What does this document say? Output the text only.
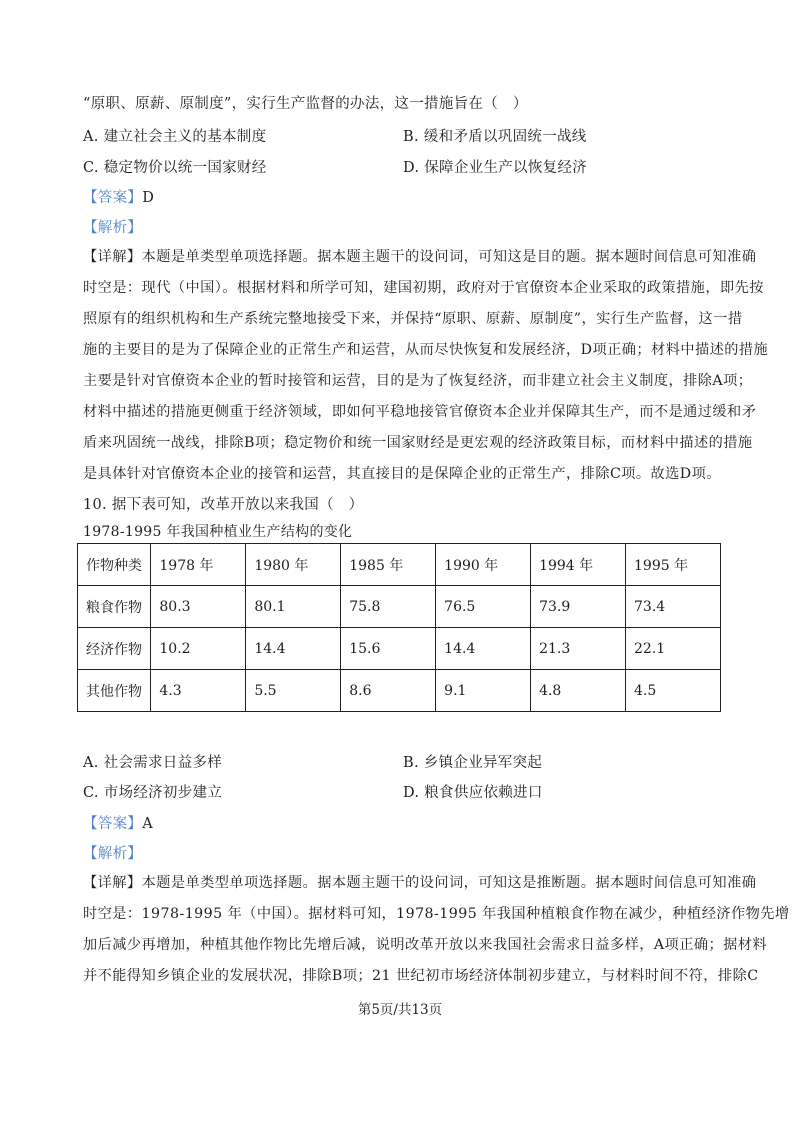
“原职、原薪、原制度”，实行生产监督的办法，这一措施旨在（　）
A. 建立社会主义的基本制度	B. 缓和矛盾以巩固统一战线
C. 稳定物价以统一国家财经	D. 保障企业生产以恢复经济
【答案】D
【解析】
【详解】本题是单类型单项选择题。据本题主题干的设问词，可知这是目的题。据本题时间信息可知准确
时空是：现代（中国）。根据材料和所学可知，建国初期，政府对于官僚资本企业采取的政策措施，即先按
照原有的组织机构和生产系统完整地接受下来，并保持“原职、原薪、原制度”，实行生产监督，这一措
施的主要目的是为了保障企业的正常生产和运营，从而尽快恢复和发展经济，D项正确；材料中描述的措施
主要是针对官僚资本企业的暂时接管和运营，目的是为了恢复经济，而非建立社会主义制度，排除A项；
材料中描述的措施更侧重于经济领域，即如何平稳地接管官僚资本企业并保障其生产，而不是通过缓和矛
盾来巩固统一战线，排除B项；稳定物价和统一国家财经是更宏观的经济政策目标，而材料中描述的措施
是具体针对官僚资本企业的接管和运营，其直接目的是保障企业的正常生产，排除C项。故选D项。
10. 据下表可知，改革开放以来我国（　）
1978-1995 年我国种植业生产结构的变化
作物种类	1978 年	1980 年	1985 年	1990 年	1994 年	1995 年
粮食作物	80.3	80.1	75.8	76.5	73.9	73.4
经济作物	10.2	14.4	15.6	14.4	21.3	22.1
其他作物	4.3	5.5	8.6	9.1	4.8	4.5
A. 社会需求日益多样	B. 乡镇企业异军突起
C. 市场经济初步建立	D. 粮食供应依赖进口
【答案】A
【解析】
【详解】本题是单类型单项选择题。据本题主题干的设问词，可知这是推断题。据本题时间信息可知准确
时空是：1978-1995 年（中国）。据材料可知，1978-1995 年我国种植粮食作物在减少，种植经济作物先增
加后减少再增加，种植其他作物比先增后减，说明改革开放以来我国社会需求日益多样，A项正确；据材料
并不能得知乡镇企业的发展状况，排除B项；21 世纪初市场经济体制初步建立，与材料时间不符，排除C
第5页/共13页
